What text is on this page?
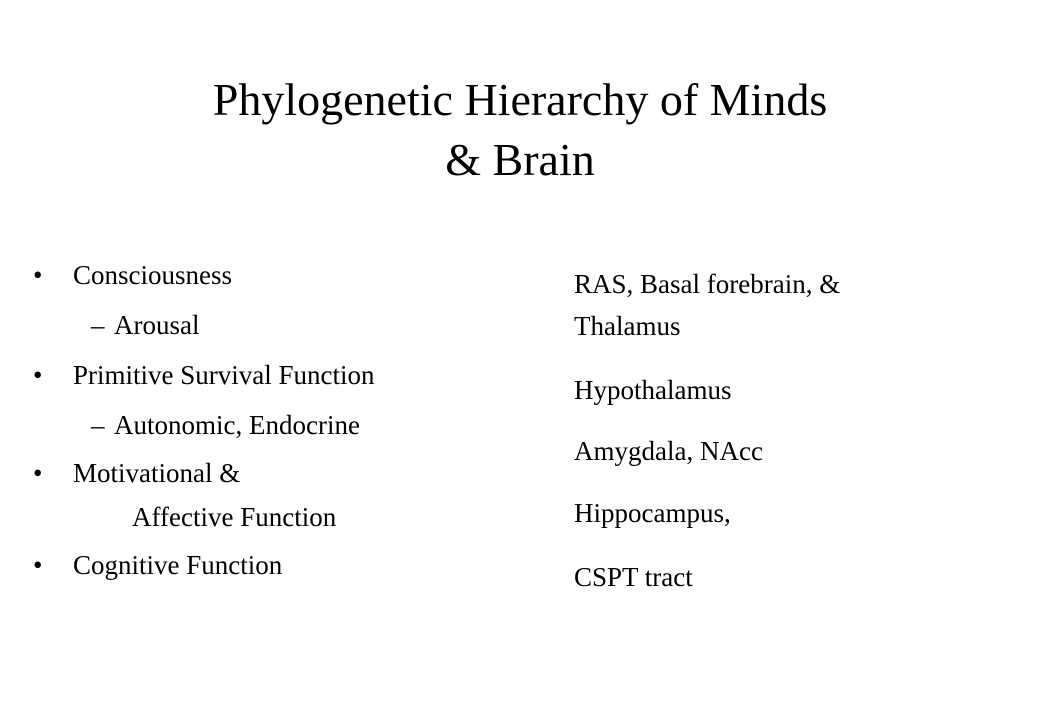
Phylogenetic Hierarchy of Minds
& Brain
• Consciousness
– Arousal
• Primitive Survival Function
– Autonomic, Endocrine
• Motivational &
Affective Function
• Cognitive Function
RAS, Basal forebrain, &
Thalamus
Hypothalamus
Amygdala, NAcc
Hippocampus,
CSPT tract
